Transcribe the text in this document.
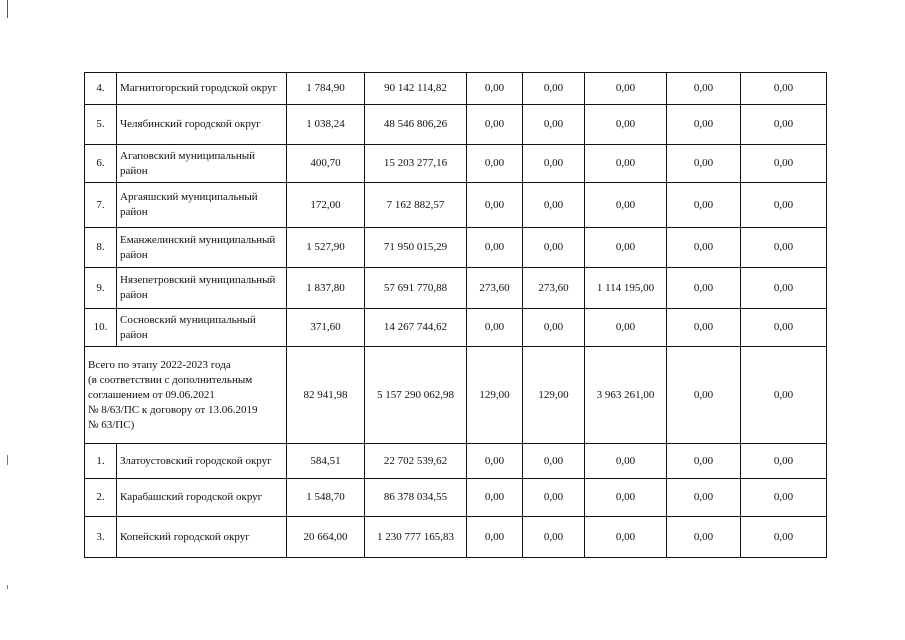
4.	Магнитогорский городской округ	1 784,90	90 142 114,82	0,00	0,00	0,00	0,00	0,00
5.	Челябинский городской округ	1 038,24	48 546 806,26	0,00	0,00	0,00	0,00	0,00
6.	Агаповский муниципальный район	400,70	15 203 277,16	0,00	0,00	0,00	0,00	0,00
7.	Аргаяшский муниципальный район	172,00	7 162 882,57	0,00	0,00	0,00	0,00	0,00
8.	Еманжелинский муниципальный район	1 527,90	71 950 015,29	0,00	0,00	0,00	0,00	0,00
9.	Нязепетровский муниципальный район	1 837,80	57 691 770,88	273,60	273,60	1 114 195,00	0,00	0,00
10.	Сосновский муниципальный район	371,60	14 267 744,62	0,00	0,00	0,00	0,00	0,00

Всего по этапу 2022-2023 года
(в соответствии с дополнительным
соглашением от 09.06.2021
№ 8/63/ПС к договору от 13.06.2019
№ 63/ПС)		82 941,98	5 157 290 062,98	129,00	129,00	3 963 261,00	0,00	0,00
1.	Златоустовский городской округ	584,51	22 702 539,62	0,00	0,00	0,00	0,00	0,00
2.	Карабашский городской округ	1 548,70	86 378 034,55	0,00	0,00	0,00	0,00	0,00
3.	Копейский городской округ	20 664,00	1 230 777 165,83	0,00	0,00	0,00	0,00	0,00
